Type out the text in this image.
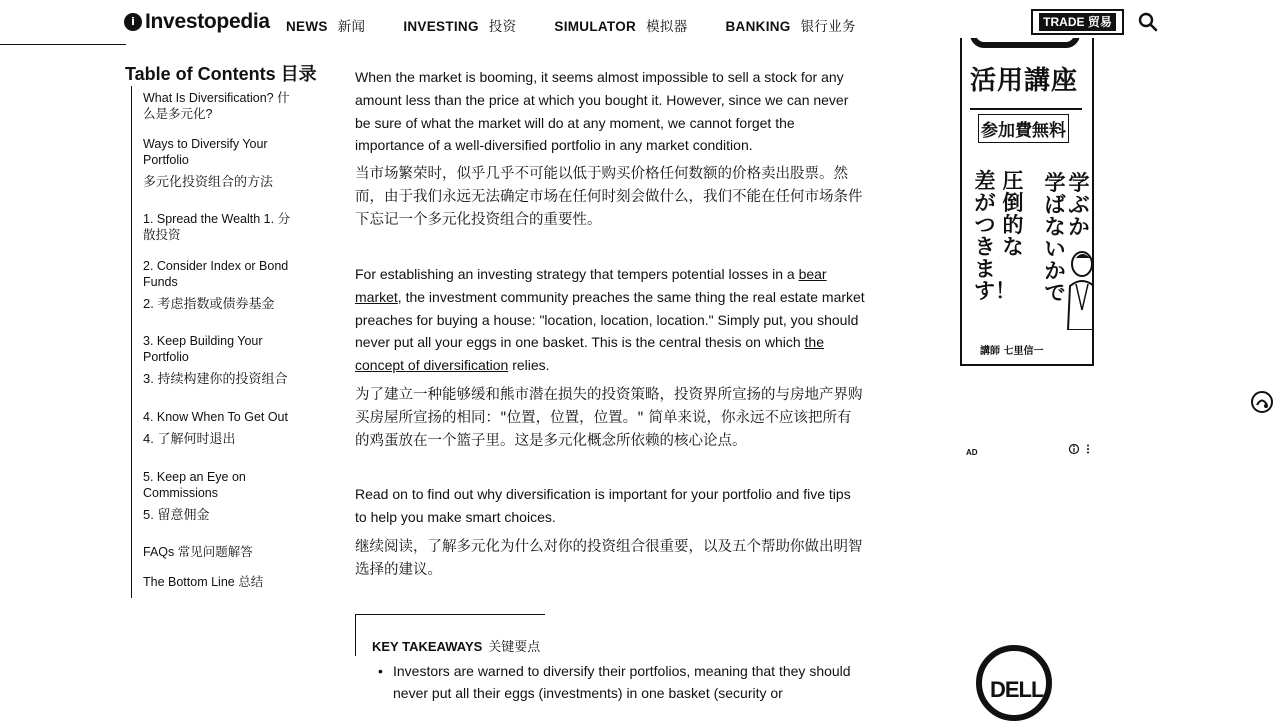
i Investopedia NEWS 新闻	INVESTING 投资	SIMULATOR 模拟器	BANKING 银行业务	TRADE 贸易
Table of Contents 目录
What Is Diversification? 什么是多元化?
Ways to Diversify Your Portfolio
多元化投资组合的方法
1. Spread the Wealth 1. 分散投资
2. Consider Index or Bond Funds
2. 考虑指数或债券基金
3. Keep Building Your Portfolio
3. 持续构建你的投资组合
4. Know When To Get Out
4. 了解何时退出
5. Keep an Eye on Commissions
5. 留意佣金
FAQs 常见问题解答
The Bottom Line 总结

When the market is booming, it seems almost impossible to sell a stock for any amount less than the price at which you bought it. However, since we can never be sure of what the market will do at any moment, we cannot forget the importance of a well-diversified portfolio in any market condition.

当市场繁荣时，似乎几乎不可能以低于购买价格任何数额的价格卖出股票。然而，由于我们永远无法确定市场在任何时刻会做什么，我们不能在任何市场条件下忘记一个多元化投资组合的重要性。

For establishing an investing strategy that tempers potential losses in a bear market, the investment community preaches the same thing the real estate market preaches for buying a house: "location, location, location." Simply put, you should never put all your eggs in one basket. This is the central thesis on which the concept of diversification relies.

为了建立一种能够缓和熊市潜在损失的投资策略，投资界所宣扬的与房地产界购买房屋所宣扬的相同："位置，位置，位置。" 简单来说，你永远不应该把所有的鸡蛋放在一个篮子里。这是多元化概念所依赖的核心论点。

Read on to find out why diversification is important for your portfolio and five tips to help you make smart choices.

继续阅读，了解多元化为什么对你的投资组合很重要，以及五个帮助你做出明智选择的建议。

KEY TAKEAWAYS 关键要点
• Investors are warned to diversify their portfolios, meaning that they should never put all their eggs (investments) in one basket (security or
活用講座
参加費無料
学ぶか
学ばないかで
圧倒的な
差がつきます！
講師 七里信一
AD
DELL
